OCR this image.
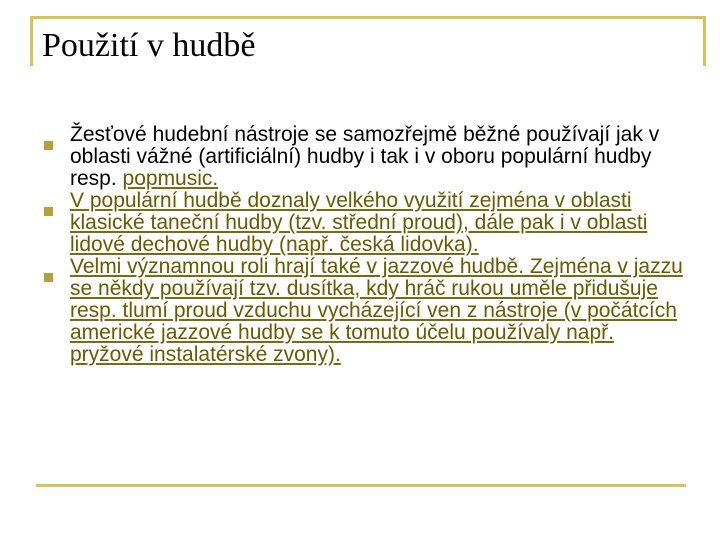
Použití v hudbě
Žesťové hudební nástroje se samozřejmě běžné používají jak v oblasti vážné (artificiální) hudby i tak i v oboru populární hudby resp. popmusic.
V populární hudbě doznaly velkého využití zejména v oblasti klasické taneční hudby (tzv. střední proud), dále pak i v oblasti lidové dechové hudby (např. česká lidovka).
Velmi významnou roli hrají také v jazzové hudbě. Zejména v jazzu se někdy používají tzv. dusítka, kdy hráč rukou uměle přidušuje resp. tlumí proud vzduchu vycházející ven z nástroje (v počátcích americké jazzové hudby se k tomuto účelu používaly např. pryžové instalatérské zvony).
